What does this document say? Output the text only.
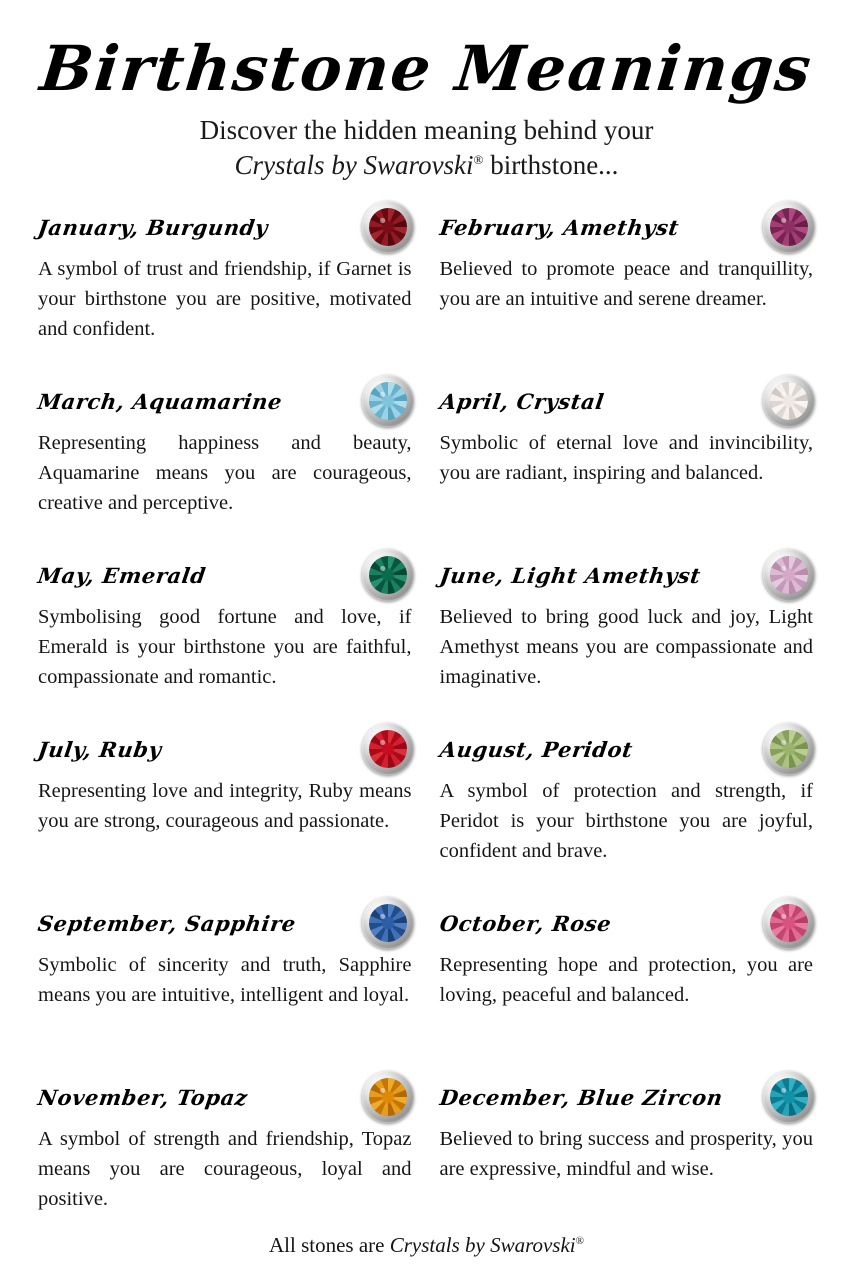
Birthstone Meanings
Discover the hidden meaning behind your
Crystals by Swarovski® birthstone...
January, Burgundy

A symbol of trust and friendship, if Garnet is your birthstone you are positive, motivated and confident.

February, Amethyst

Believed to promote peace and tranquillity, you are an intuitive and serene dreamer.

March, Aquamarine

Representing happiness and beauty, Aquamarine means you are courageous, creative and perceptive.

April, Crystal

Symbolic of eternal love and invincibility, you are radiant, inspiring and balanced.

May, Emerald

Symbolising good fortune and love, if Emerald is your birthstone you are faithful, compassionate and romantic.

June, Light Amethyst

Believed to bring good luck and joy, Light Amethyst means you are compassionate and imaginative.

July, Ruby

Representing love and integrity, Ruby means you are strong, courageous and passionate.

August, Peridot

A symbol of protection and strength, if Peridot is your birthstone you are joyful, confident and brave.

September, Sapphire

Symbolic of sincerity and truth, Sapphire means you are intuitive, intelligent and loyal.

October, Rose

Representing hope and protection, you are loving, peaceful and balanced.

November, Topaz

A symbol of strength and friendship, Topaz means you are courageous, loyal and positive.

December, Blue Zircon

Believed to bring success and prosperity, you are expressive, mindful and wise.

All stones are Crystals by Swarovski®
